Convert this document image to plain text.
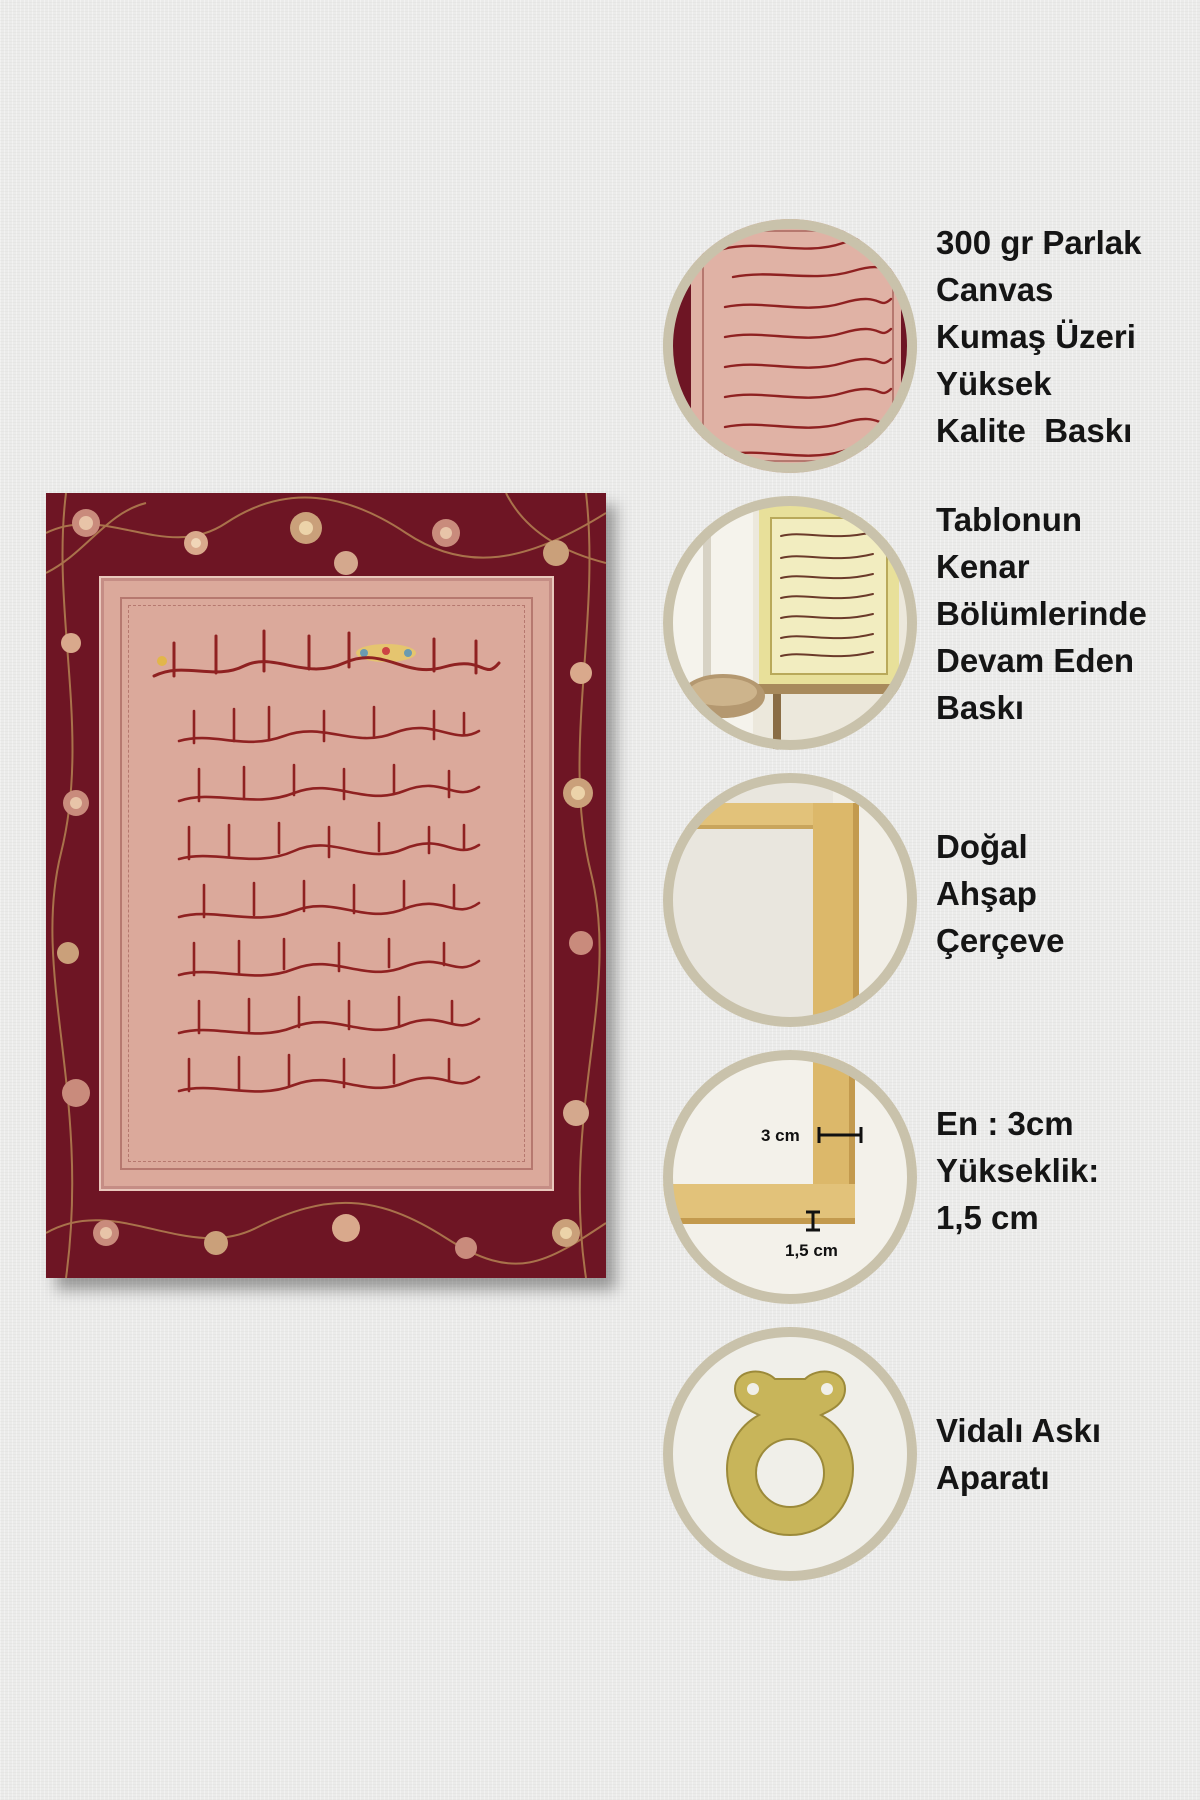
300 gr Parlak
Canvas
Kumaş Üzeri
Yüksek
Kalite  Baskı
Tablonun
Kenar
Bölümlerinde
Devam Eden
Baskı
Doğal
Ahşap
Çerçeve
3 cm
1,5 cm
En : 3cm
Yükseklik:
1,5 cm
Vidalı Askı
Aparatı
